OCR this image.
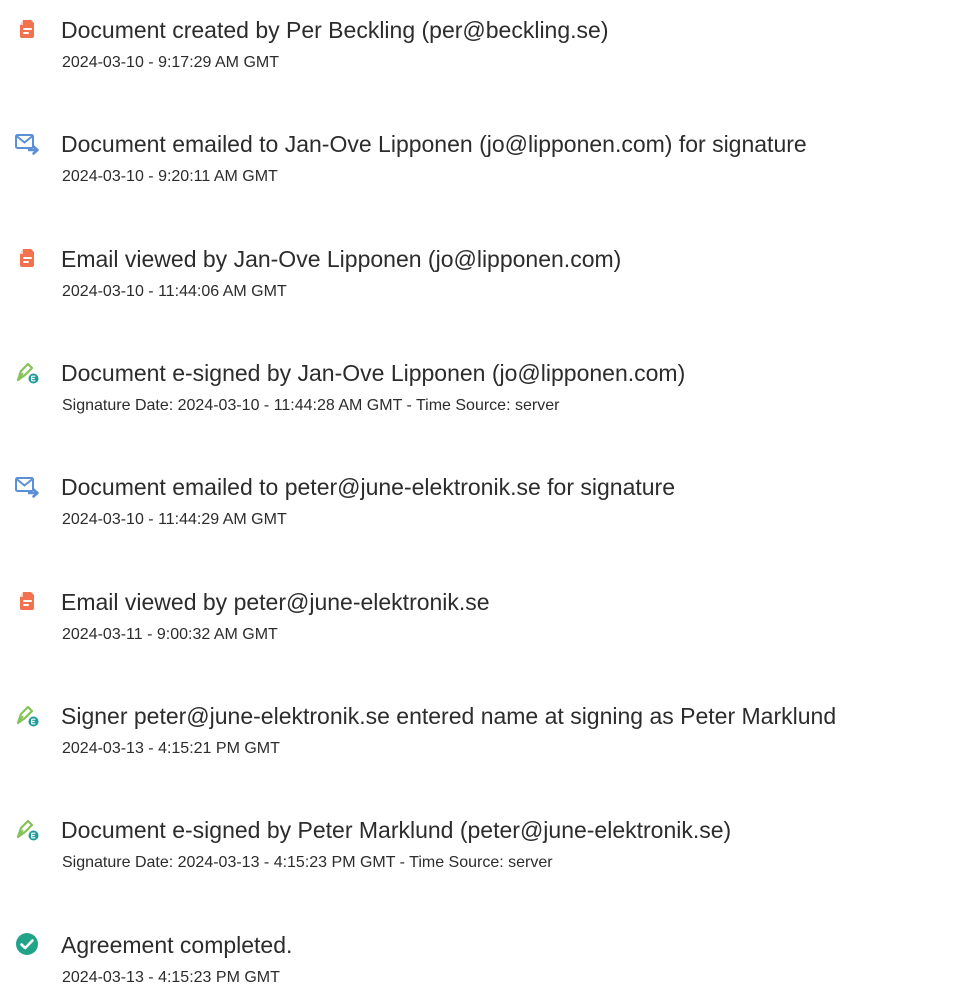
Document created by Per Beckling (per@beckling.se)
2024-03-10 - 9:17:29 AM GMT
Document emailed to Jan-Ove Lipponen (jo@lipponen.com) for signature
2024-03-10 - 9:20:11 AM GMT
Email viewed by Jan-Ove Lipponen (jo@lipponen.com)
2024-03-10 - 11:44:06 AM GMT
Document e-signed by Jan-Ove Lipponen (jo@lipponen.com)
Signature Date: 2024-03-10 - 11:44:28 AM GMT - Time Source: server
Document emailed to peter@june-elektronik.se for signature
2024-03-10 - 11:44:29 AM GMT
Email viewed by peter@june-elektronik.se
2024-03-11 - 9:00:32 AM GMT
Signer peter@june-elektronik.se entered name at signing as Peter Marklund
2024-03-13 - 4:15:21 PM GMT
Document e-signed by Peter Marklund (peter@june-elektronik.se)
Signature Date: 2024-03-13 - 4:15:23 PM GMT - Time Source: server
Agreement completed.
2024-03-13 - 4:15:23 PM GMT
